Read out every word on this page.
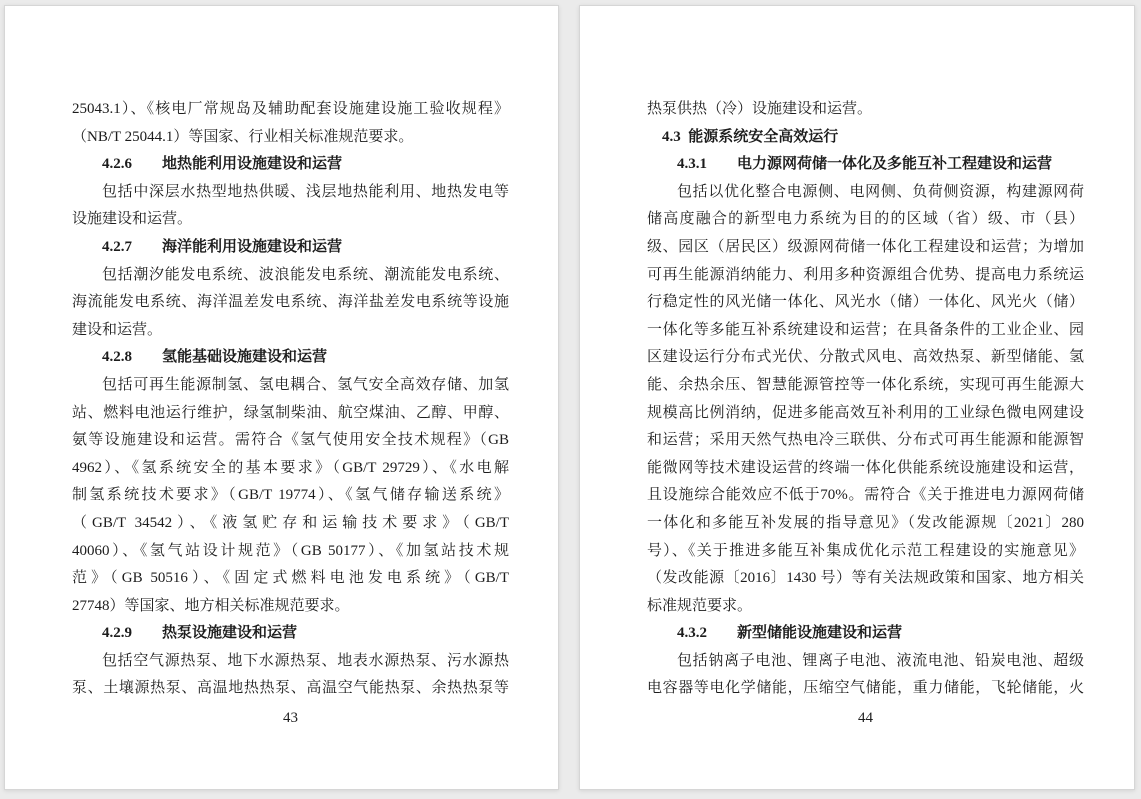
25043.1）、《核电厂常规岛及辅助配套设施建设施工验收规程》
（NB/T 25044.1）等国家、行业相关标准规范要求。
4.2.6 地热能利用设施建设和运营
包括中深层水热型地热供暖、浅层地热能利用、地热发电等
设施建设和运营。
4.2.7 海洋能利用设施建设和运营
包括潮汐能发电系统、波浪能发电系统、潮流能发电系统、
海流能发电系统、海洋温差发电系统、海洋盐差发电系统等设施
建设和运营。
4.2.8 氢能基础设施建设和运营
包括可再生能源制氢、氢电耦合、氢气安全高效存储、加氢
站、燃料电池运行维护，绿氢制柴油、航空煤油、乙醇、甲醇、
氨等设施建设和运营。需符合《氢气使用安全技术规程》（GB
4962）、《氢系统安全的基本要求》（GB/T 29729）、《水电解
制氢系统技术要求》（GB/T 19774）、《氢气储存输送系统》
（GB/T 34542）、《液氢贮存和运输技术要求》（GB/T
40060）、《氢气站设计规范》（GB 50177）、《加氢站技术规
范》（GB 50516）、《固定式燃料电池发电系统》（GB/T
27748）等国家、地方相关标准规范要求。
4.2.9 热泵设施建设和运营
包括空气源热泵、地下水源热泵、地表水源热泵、污水源热
泵、土壤源热泵、高温地热热泵、高温空气能热泵、余热热泵等
43
热泵供热（冷）设施建设和运营。
4.3 能源系统安全高效运行
4.3.1 电力源网荷储一体化及多能互补工程建设和运营
包括以优化整合电源侧、电网侧、负荷侧资源，构建源网荷
储高度融合的新型电力系统为目的的区域（省）级、市（县）
级、园区（居民区）级源网荷储一体化工程建设和运营；为增加
可再生能源消纳能力、利用多种资源组合优势、提高电力系统运
行稳定性的风光储一体化、风光水（储）一体化、风光火（储）
一体化等多能互补系统建设和运营；在具备条件的工业企业、园
区建设运行分布式光伏、分散式风电、高效热泵、新型储能、氢
能、余热余压、智慧能源管控等一体化系统，实现可再生能源大
规模高比例消纳，促进多能高效互补利用的工业绿色微电网建设
和运营；采用天然气热电冷三联供、分布式可再生能源和能源智
能微网等技术建设运营的终端一体化供能系统设施建设和运营，
且设施综合能效应不低于70%。需符合《关于推进电力源网荷储
一体化和多能互补发展的指导意见》（发改能源规〔2021〕280
号）、《关于推进多能互补集成优化示范工程建设的实施意见》
（发改能源〔2016〕1430 号）等有关法规政策和国家、地方相关
标准规范要求。
4.3.2 新型储能设施建设和运营
包括钠离子电池、锂离子电池、液流电池、铅炭电池、超级
电容器等电化学储能，压缩空气储能，重力储能，飞轮储能，火
44
